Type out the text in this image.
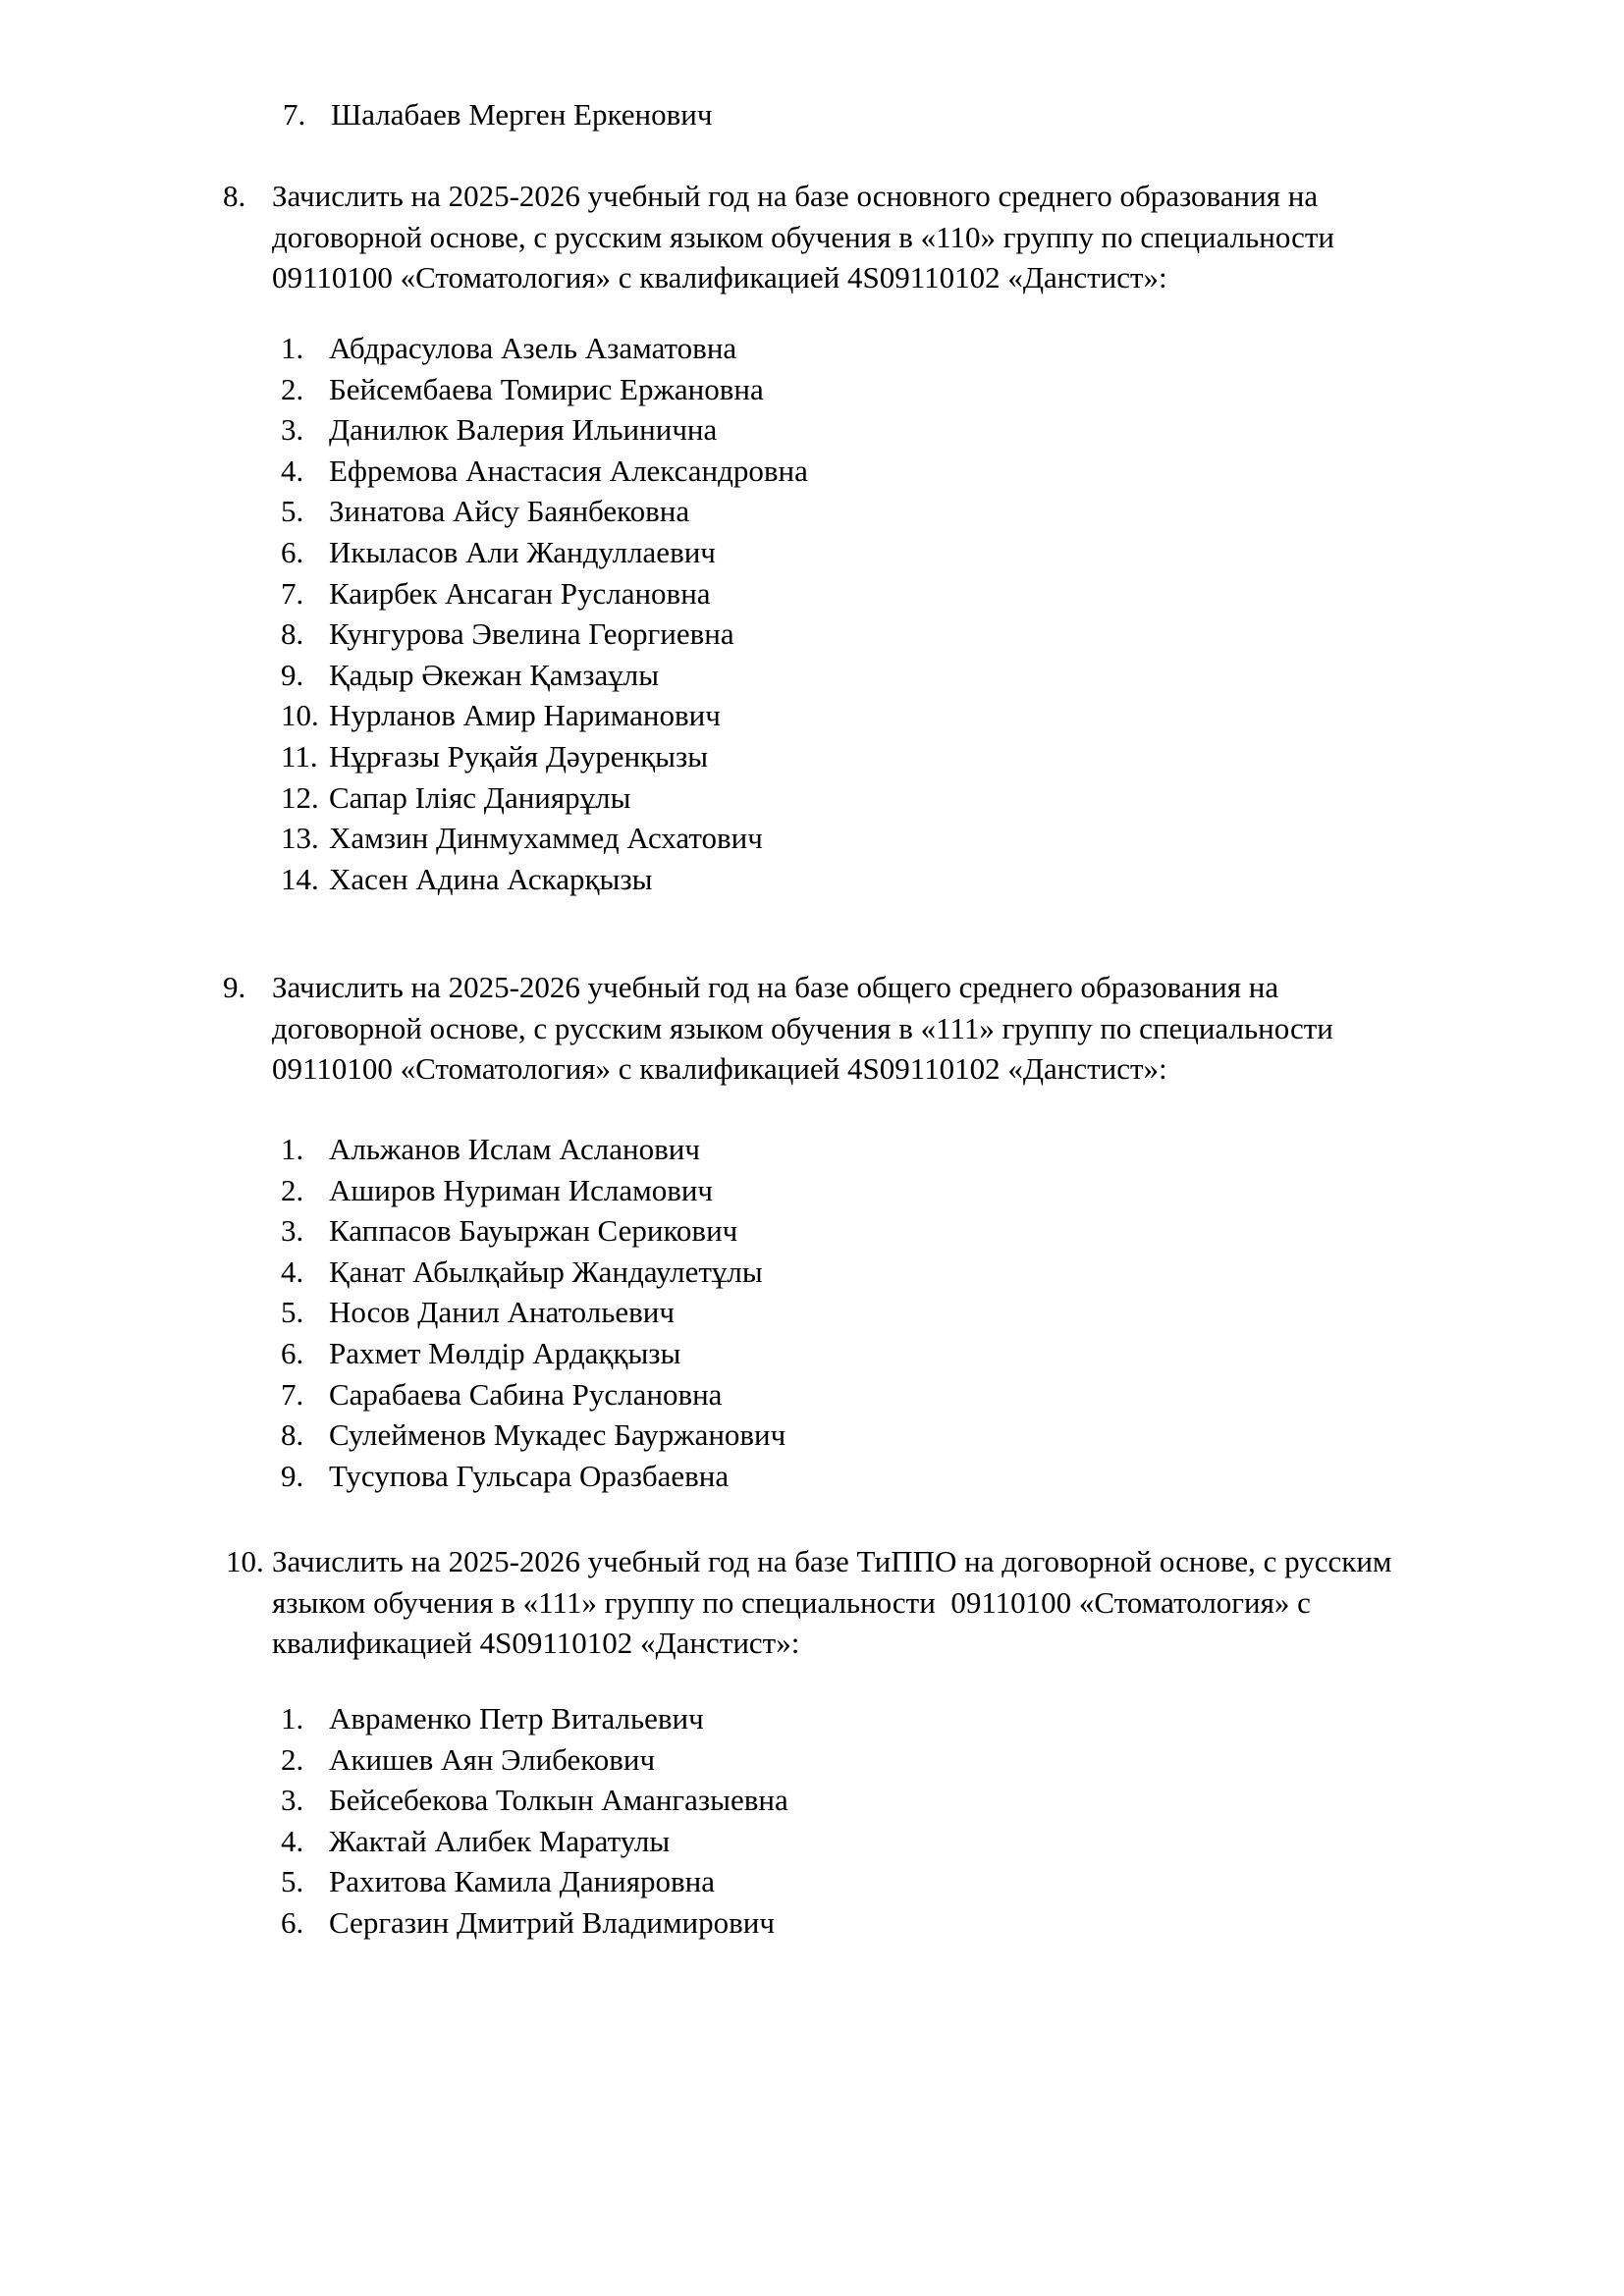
7. Шалабаев Мерген Еркенович
8. Зачислить на 2025-2026 учебный год на базе основного среднего образования на
договорной основе, с русским языком обучения в «110» группу по специальности
09110100 «Стоматология» с квалификацией 4S09110102 «Данстист»:
1. Абдрасулова Азель Азаматовна
2. Бейсембаева Томирис Ержановна
3. Данилюк Валерия Ильинична
4. Ефремова Анастасия Александровна
5. Зинатова Айсу Баянбековна
6. Икыласов Али Жандуллаевич
7. Каирбек Ансаган Руслановна
8. Кунгурова Эвелина Георгиевна
9. Қадыр Әкежан Қамзаұлы
10. Нурланов Амир Нариманович
11. Нұрғазы Руқайя Дәуренқызы
12. Сапар Іліяс Данияр​ұлы
13. Хамзин Динмухаммед Асхатович
14. Хасен Адина Аскарқызы
9. Зачислить на 2025-2026 учебный год на базе общего среднего образования на
договорной основе, с русским языком обучения в «111» группу по специальности
09110100 «Стоматология» с квалификацией 4S09110102 «Данстист»:
1. Альжанов Ислам Асланович
2. Аширов Нуриман Исламович
3. Каппасов Бауыржан Серикович
4. Қанат Абылқайыр Жандаулетұлы
5. Носов Данил Анатольевич
6. Рахмет Мөлдір Ардаққызы
7. Сарабаева Сабина Руслановна
8. Сулейменов Мукадес Бауржанович
9. Тусупова Гульсара Оразбаевна
10. Зачислить на 2025-2026 учебный год на базе ТиППО на договорной основе, с русским
языком обучения в «111» группу по специальности  09110100 «Стоматология» с
квалификацией 4S09110102 «Данстист»:
1. Авраменко Петр Витальевич
2. Акишев Аян Элибекович
3. Бейсебекова Толкын Амангазыевна
4. Жактай Алибек Маратулы
5. Рахитова Камила Данияровна
6. Сергазин Дмитрий Владимирович
